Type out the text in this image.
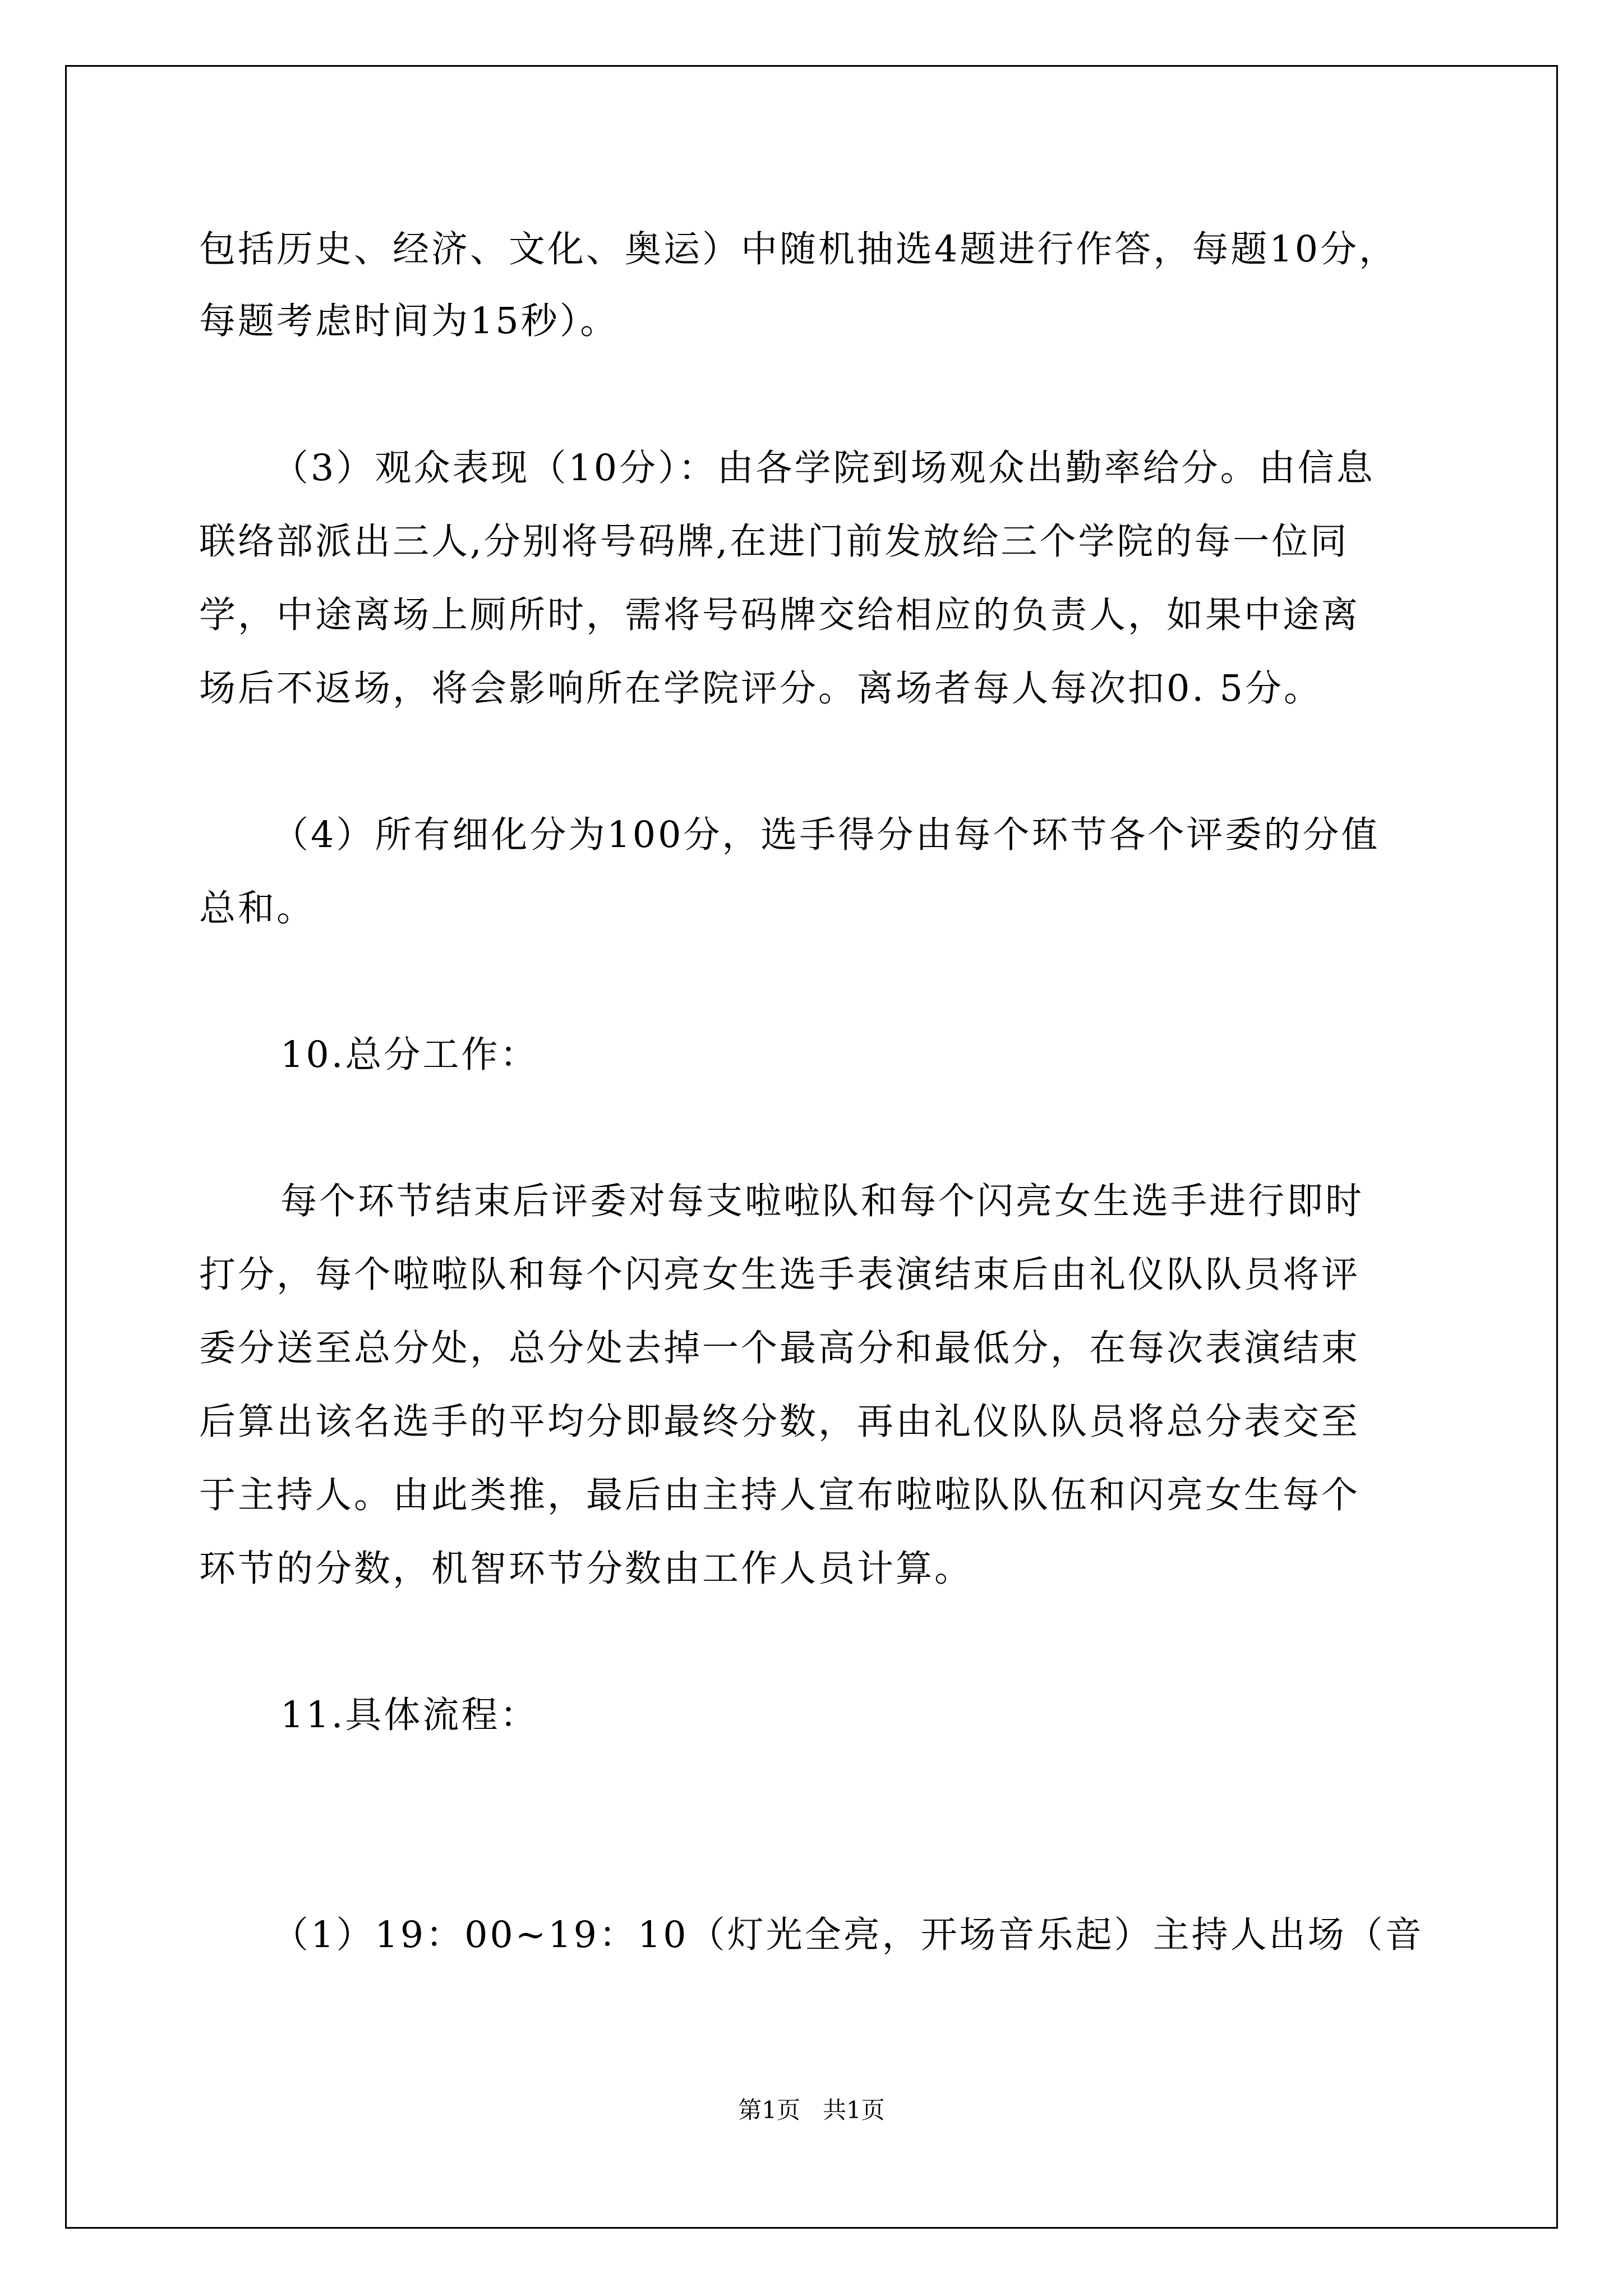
包括历史、经济、文化、奥运）中随机抽选4题进行作答，每题10分，
每题考虑时间为15秒）。
（3）观众表现（10分）：由各学院到场观众出勤率给分。由信息
联络部派出三人,分别将号码牌,在进门前发放给三个学院的每一位同
学，中途离场上厕所时，需将号码牌交给相应的负责人，如果中途离
场后不返场，将会影响所在学院评分。离场者每人每次扣0. 5分。
（4）所有细化分为100分，选手得分由每个环节各个评委的分值
总和。
10.总分工作：
每个环节结束后评委对每支啦啦队和每个闪亮女生选手进行即时
打分，每个啦啦队和每个闪亮女生选手表演结束后由礼仪队队员将评
委分送至总分处，总分处去掉一个最高分和最低分，在每次表演结束
后算出该名选手的平均分即最终分数，再由礼仪队队员将总分表交至
于主持人。由此类推，最后由主持人宣布啦啦队队伍和闪亮女生每个
环节的分数，机智环节分数由工作人员计算。
11.具体流程：
（1）19：00~19：10（灯光全亮，开场音乐起）主持人出场（音
第1页   共1页
